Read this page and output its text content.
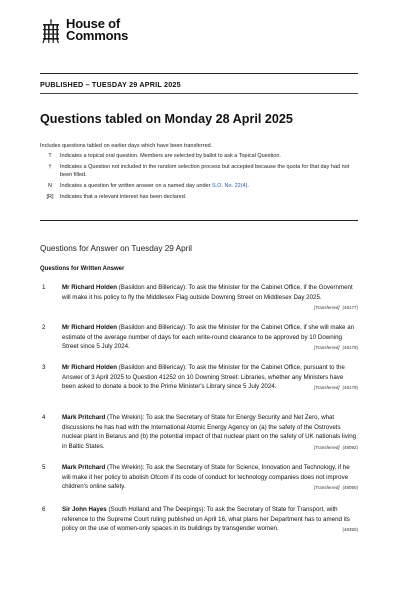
House of
Commons
PUBLISHED – TUESDAY 29 APRIL 2025
Questions tabled on Monday 28 April 2025
Includes questions tabled on earlier days which have been transferred.
T	Indicates a topical oral question. Members are selected by ballot to ask a Topical Question.
†	Indicates a Question not included in the random selection process but accepted because the quota for that day had not been filled.
N	Indicates a question for written answer on a named day under S.O. No. 22(4).
[R]	Indicates that a relevant interest has been declared.
Questions for Answer on Tuesday 29 April
Questions for Written Answer
1	Mr Richard Holden (Basildon and Billericay): To ask the Minister for the Cabinet Office, if the Government will make it his policy to fly the Middlesex Flag outside Downing Street on Middlesex Day 2025.
[Transferred] (48177)
2	Mr Richard Holden (Basildon and Billericay): To ask the Minister for the Cabinet Office, if she will make an estimate of the average number of days for each write-round clearance to be approved by 10 Downing Street since 5 July 2024.	[Transferred] (48178)
3	Mr Richard Holden (Basildon and Billericay): To ask the Minister for the Cabinet Office, pursuant to the Answer of 3 April 2025 to Question 41252 on 10 Downing Street: Libraries, whether any Ministers have been asked to donate a book to the Prime Minister's Library since 5 July 2024.	[Transferred] (48179)
4	Mark Pritchard (The Wrekin): To ask the Secretary of State for Energy Security and Net Zero, what discussions he has had with the International Atomic Energy Agency on (a) the safety of the Ostrovets nuclear plant in Belarus and (b) the potential impact of that nuclear plant on the safety of UK nationals living in Baltic States.	[Transferred] (48092)
5	Mark Pritchard (The Wrekin): To ask the Secretary of State for Science, Innovation and Technology, if he will make it her policy to abolish Ofcom if its code of conduct for technology companies does not improve children's online safety.	[Transferred] (48090)
6	Sir John Hayes (South Holland and The Deepings): To ask the Secretary of State for Transport, with reference to the Supreme Court ruling published on April 16, what plans her Department has to amend its policy on the use of women-only spaces in its buildings by transgender women.	(48350)
